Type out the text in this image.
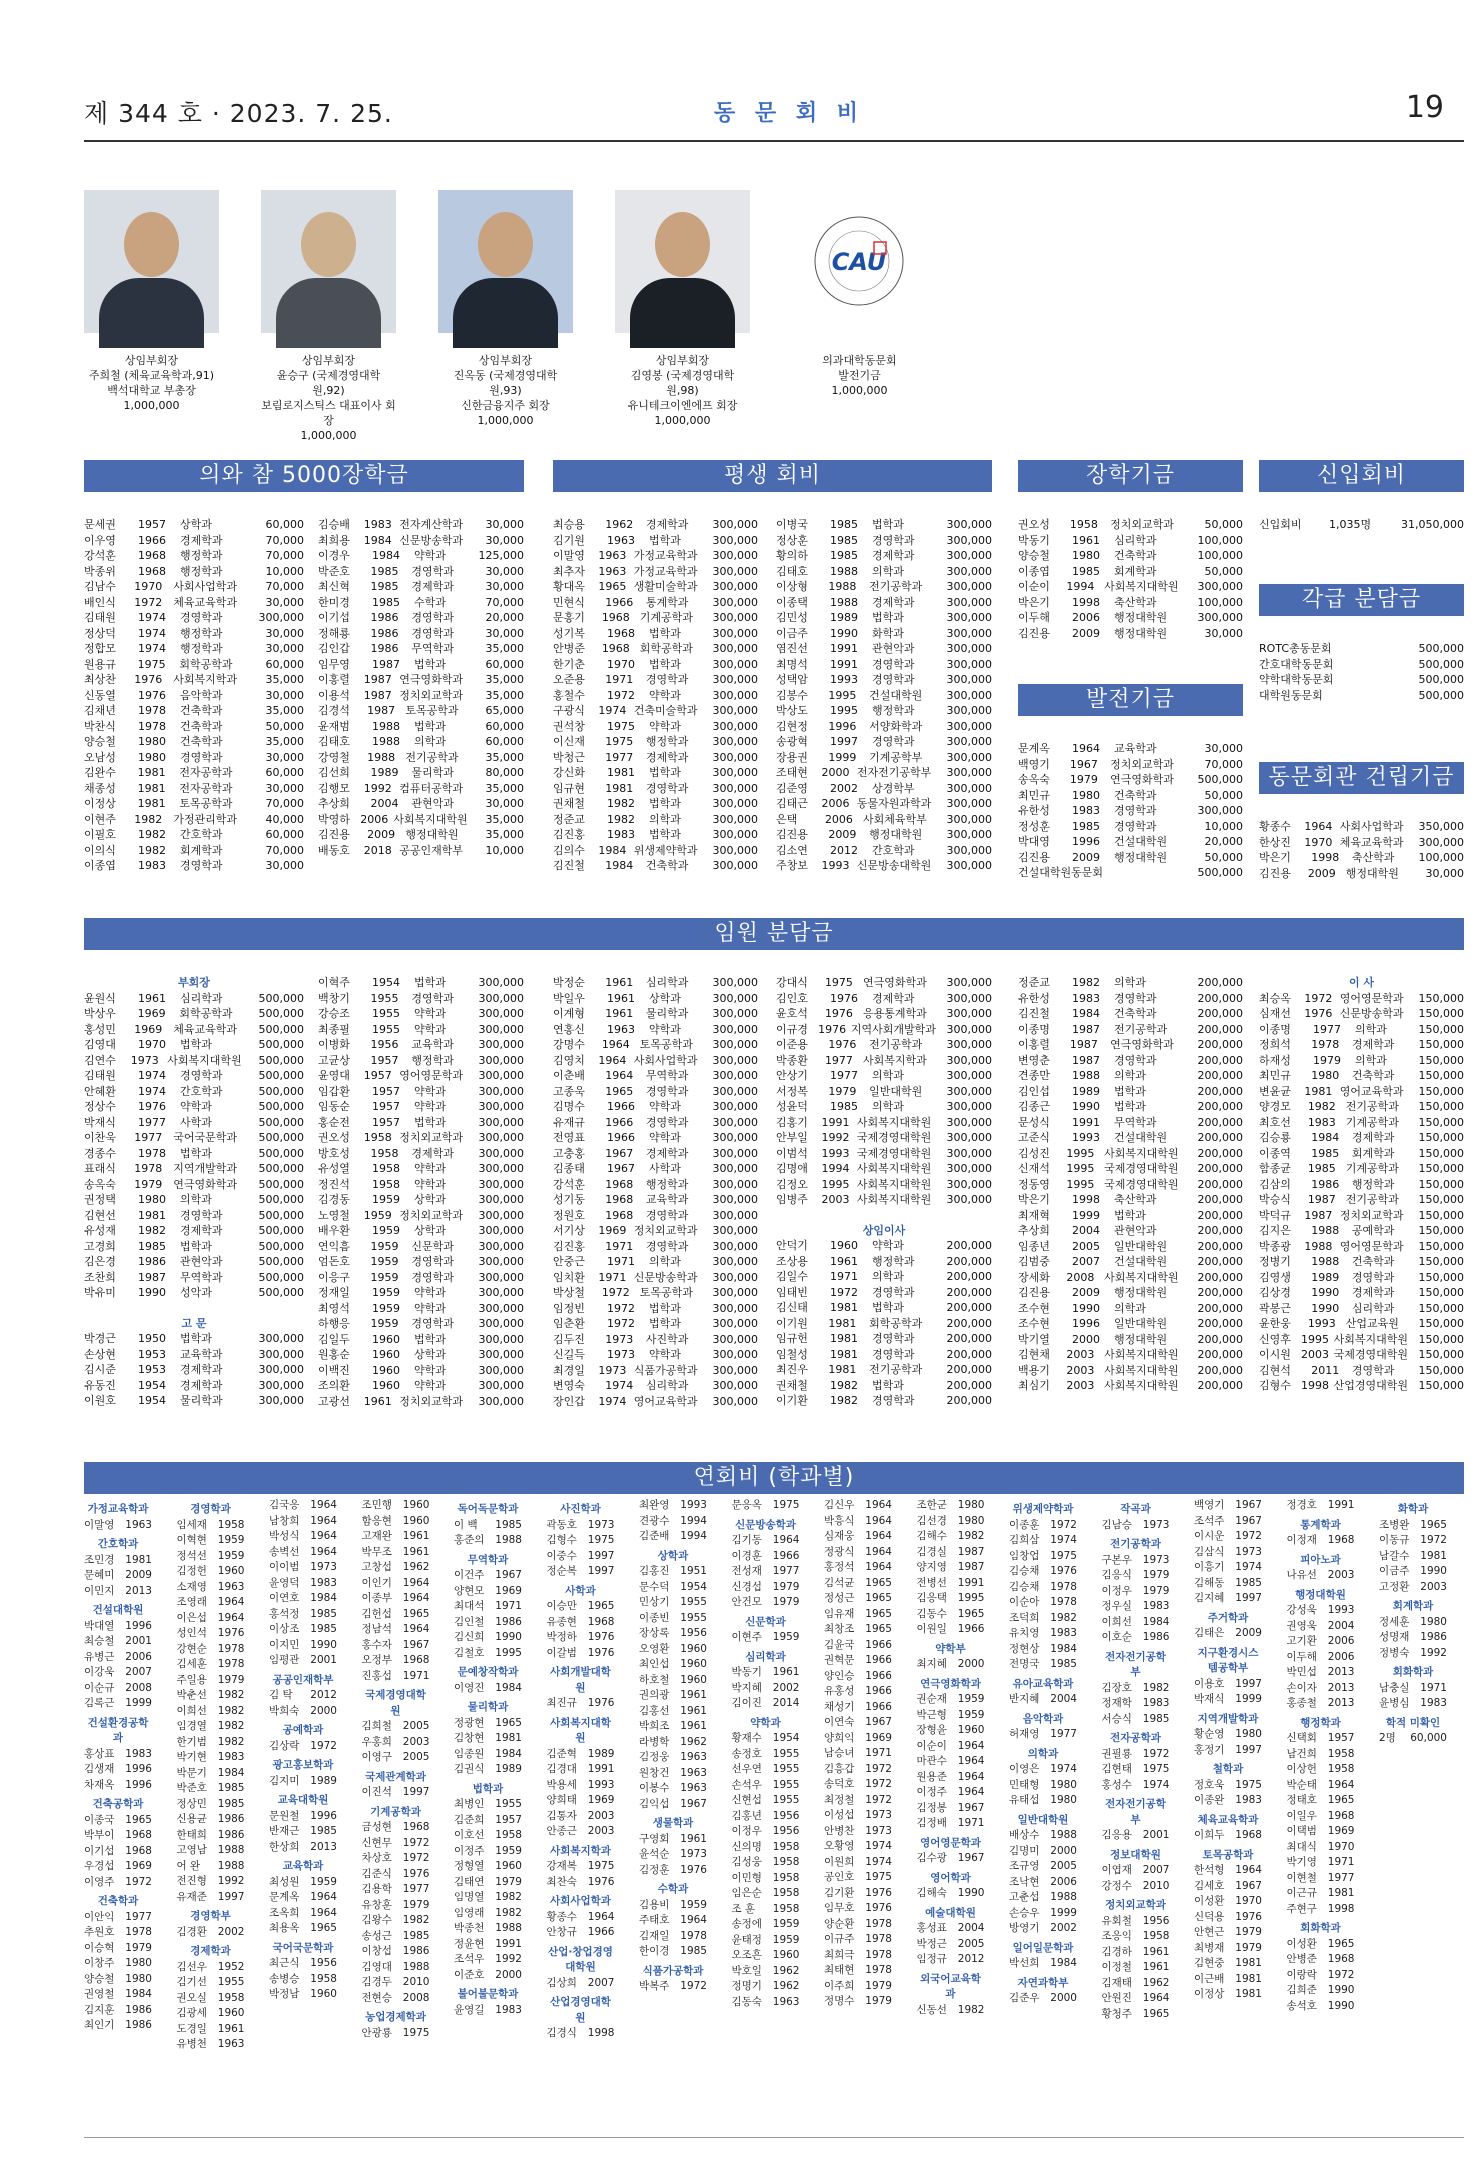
제 344 호 · 2023. 7. 25.	동 문 회 비	19
상임부회장
주희철 (체육교육학과,91)
백석대학교 부총장
1,000,000
상임부회장
윤승구 (국제경영대학원,92)
보림로지스틱스 대표이사 회장
1,000,000
상임부회장
진옥동 (국제경영대학원,93)
신한금융지주 회장
1,000,000
상임부회장
김영봉 (국제경영대학원,98)
유니테크이엔에프 회장
1,000,000
CAU
의과대학동문회
발전기금
1,000,000
의와 참 5000장학금	평생 회비	장학기금	신입회비
각급 분담금
발전기금
동문회관 건립기금
임원 분담금
연회비 (학과별)
문세권	1957	상학과	60,000
이우영	1966	경제학과	70,000
강석훈	1968	행정학과	70,000
박종위	1968	행정학과	10,000
김남수	1970	사회사업학과	70,000
배인식	1972	체육교육학과	30,000
김태원	1974	경영학과	300,000
정상덕	1974	행정학과	30,000
정합모	1974	행정학과	30,000
원용규	1975	회학공학과	60,000
최상찬	1976	사회복지학과	35,000
신동열	1976	음악학과	30,000
김채년	1978	건축학과	35,000
박찬식	1978	건축학과	50,000
양승철	1980	건축학과	35,000
오남성	1980	경영학과	30,000
김완수	1981	전자공학과	60,000
채종성	1981	전자공학과	30,000
이정상	1981	토목공학과	70,000
이현주	1982	가정관리학과	40,000
이필호	1982	간호학과	60,000
이의식	1982	회계학과	70,000
이종엽	1983	경영학과	30,000
김승배	1983 전자계산학과	30,000
최희용	1984 신문방송학과	30,000
이경우	1984	약학과	125,000
박준호	1985	경영학과	30,000
최신혁	1985	경제학과	30,000
한미경	1985	수학과	70,000
이기섭	1986	경영학과	20,000
정해룡	1986	경영학과	30,000
김인갑	1986	무역학과	35,000
임무영	1987	법학과	60,000
이홍렬	1987 연극영화학과	35,000
이용석	1987 정치외교학과	35,000
김경석	1987 토목공학과	65,000
윤재범	1988	법학과	60,000
김태호	1988	의학과	60,000
강영철	1988 전기공학과	35,000
김선희	1989	물리학과	80,000
김행모	1992 컴퓨터공학과	35,000
추상희	2004	관현악과	30,000
박영하 2006 사회복지대학원	35,000
김진용	2009 행정대학원	35,000
배동호	2018 공공인재학부	10,000
최승용	1962	경제학과	300,000
김기원	1963	법학과	300,000
이말영	1963 가정교육학과	300,000
최추자	1963 가정교육학과	300,000
황대옥	1965 생활미술학과	300,000
민현식	1966	통계학과	300,000
문홍기	1968 기계공학과	300,000
성기복	1968	법학과	300,000
안병준	1968 회학공학과	300,000
한기춘	1970	법학과	300,000
오준용	1971	경영학과	300,000
홍철수	1972	약학과	300,000
구광식	1974 건축미술학과	300,000
권석창	1975	약학과	300,000
이신재	1975	행정학과	300,000
박청근	1977	경제학과	300,000
강신화	1981	법학과	300,000
임규현	1981	경영학과	300,000
권채철	1982	법학과	300,000
정준교	1982	의학과	300,000
김진홍	1983	법학과	300,000
김의수	1984 위생제약학과	300,000
김진철	1984	건축학과	300,000
이병국	1985	법학과	300,000
정상훈	1985	경영학과	300,000
황의하	1985	경제학과	300,000
김태호	1988	의학과	300,000
이상형	1988	전기공학과	300,000
이종택	1988	경제학과	300,000
김민성	1989	법학과	300,000
이금주	1990	화학과	300,000
염진선	1991	관현악과	300,000
최명석	1991	경영학과	300,000
성택암	1993	경영학과	300,000
김봉수	1995	건설대학원	300,000
박상도	1995	행정학과	300,000
김현정	1996	서양화학과	300,000
송광혁	1997	경영학과	300,000
장용권	1999	기계공학부	300,000
조태현	2000 전자전기공학부	300,000
김준영	2002	상경학부	300,000
김태근	2006 동물자원과학과	300,000
은택	2006 사회체육학부	300,000
김진용	2009	행정대학원	300,000
김소연	2012	간호학과	300,000
주창보	1993 신문방송대학원	300,000
권오성	1958	정치외교학과	50,000
박동기	1961	심리학과	100,000
양승철	1980	건축학과	100,000
이종엽	1985	회계학과	50,000
이순이	1994 사회복지대학원	300,000
박은기	1998	축산학과	100,000
이두해	2006	행정대학원	300,000
김진용	2009	행정대학원	30,000
문계옥	1964	교육학과	30,000
백영기	1967	정치외교학과	70,000
송옥숙	1979	연극영화학과	500,000
최민규	1980	건축학과	50,000
유한성	1983	경영학과	300,000
정성훈	1985	경영학과	10,000
박대영	1996	건설대학원	20,000
김진용	2009	행정대학원	50,000
건설대학원동문회	500,000
신입회비	1,035명	31,050,000
ROTC총동문회	500,000
간호대학동문회	500,000
약학대학동문회	500,000
대학원동문회	500,000
황종수	1964 사회사업학과	350,000
한상진	1970 체육교육학과	300,000
박은기	1998	축산학과	100,000
김진용	2009 행정대학원	30,000
부회장
윤원식	1961	심리학과	500,000
박상우	1969	회학공학과	500,000
홍성민	1969	체육교육학과	500,000
김영대	1970	법학과	500,000
김연수	1973 사회복지대학원	500,000
김태원	1974	경영학과	500,000
안혜환	1974	간호학과	500,000
정상수	1976	약학과	500,000
박재식	1977	사학과	500,000
이찬욱	1977	국어국문학과	500,000
경종수	1978	법학과	500,000
표래식	1978	지역개발학과	500,000
송옥숙	1979	연극영화학과	500,000
권정택	1980	의학과	500,000
김현선	1981	경영학과	500,000
유성재	1982	경제학과	500,000
고경희	1985	법학과	500,000
김은경	1986	관현악과	500,000
조찬희	1987	무역학과	500,000
박유미	1990	성악과	500,000
고 문
박경근	1950	법학과	300,000
손상현	1953	교육학과	300,000
김시준	1953	경제학과	300,000
유동진	1954	경제학과	300,000
이원호	1954	물리학과	300,000
이혁주	1954	법학과	300,000
백창기	1955	경영학과	300,000
강승조	1955	약학과	300,000
최종필	1955	약학과	300,000
이병화	1956	교육학과	300,000
고균상	1957	행정학과	300,000
윤영대	1957 영어영문학과	300,000
임갑환	1957	약학과	300,000
임동순	1957	약학과	300,000
홍순전	1957	법학과	300,000
권오성	1958 정치외교학과	300,000
방호성	1958	경제학과	300,000
유성열	1958	약학과	300,000
정진석	1958	약학과	300,000
김경동	1959	상학과	300,000
노영철	1959 정치외교학과	300,000
배우환	1959	상학과	300,000
연익흠	1959	신문학과	300,000
엄돈호	1959	경영학과	300,000
이응구	1959	경영학과	300,000
정재일	1959	약학과	300,000
최영석	1959	약학과	300,000
하행응	1959	경영학과	300,000
김일두	1960	법학과	300,000
원홍순	1960	상학과	300,000
이백진	1960	약학과	300,000
조의환	1960	약학과	300,000
고광선	1961 정치외교학과	300,000
박정순	1961	심리학과	300,000
박일우	1961	상학과	300,000
이계형	1961	물리학과	300,000
연홍신	1963	약학과	300,000
강명수	1964 토목공학과	300,000
김영치	1964 사회사업학과	300,000
이춘배	1964	무역학과	300,000
고종욱	1965	경영학과	300,000
김명수	1966	약학과	300,000
유재규	1966	경영학과	300,000
전영표	1966	약학과	300,000
고충홍	1967	경제학과	300,000
김종태	1967	사학과	300,000
강석훈	1968	행정학과	300,000
성기동	1968	교육학과	300,000
정원호	1968	경영학과	300,000
서기상	1969 정치외교학과	300,000
김진홍	1971	경영학과	300,000
안중근	1971	의학과	300,000
임치환	1971 신문방송학과	300,000
박상철	1972 토목공학과	300,000
임정빈	1972	법학과	300,000
임춘환	1972	법학과	300,000
김두진	1973	사진학과	300,000
신길득	1973	약학과	300,000
최경일	1973 식품가공학과	300,000
변영숙	1974	심리학과	300,000
장인갑	1974 영어교육학과	300,000
강대식	1975 연극영화학과	300,000
김인호	1976	경제학과	300,000
윤호석	1976 응용통계학과	300,000
이규경 1976 지역사회개발학과 300,000
이준용	1976	전기공학과	300,000
박종환	1977 사회복지학과	300,000
안상기	1977	의학과	300,000
서정복	1979	일반대학원	300,000
성윤덕	1985	의학과	300,000
김홍기	1991 사회복지대학원	300,000
안부일	1992 국제경영대학원	300,000
이범석	1993 국제경영대학원	300,000
김명애	1994 사회복지대학원	300,000
김정오	1995 사회복지대학원	300,000
임병주	2003 사회복지대학원	300,000
상임이사
안덕기	1960	약학과	200,000
조상용	1961	행정학과	200,000
김일수	1971	의학과	200,000
임태빈	1972	경영학과	200,000
김신태	1981	법학과	200,000
이기원	1981	회학공학과	200,000
임규헌	1981	경영학과	200,000
임철성	1981	경영학과	200,000
최진우	1981	전기공학과	200,000
권채철	1982	법학과	200,000
이기환	1982	경영학과	200,000
정준교	1982	의학과	200,000
유한성	1983	경영학과	200,000
김진철	1984	건축학과	200,000
이종명	1987	전기공학과	200,000
이홍렬	1987	연극영화학과	200,000
변영춘	1987	경영학과	200,000
견종만	1988	의학과	200,000
김인섭	1989	법학과	200,000
김종근	1990	법학과	200,000
문성식	1991	무역학과	200,000
고준식	1993	건설대학원	200,000
김성진	1995 사회복지대학원	200,000
신재석	1995 국제경영대학원	200,000
정동영	1995 국제경영대학원	200,000
박은기	1998	축산학과	200,000
최재혁	1999	법학과	200,000
추상희	2004	관현악과	200,000
임종년	2005	일반대학원	200,000
김범중	2007	건설대학원	200,000
장세화	2008 사회복지대학원	200,000
김진용	2009	행정대학원	200,000
조수현	1990	의학과	200,000
조수현	1996	일반대학원	200,000
박기열	2000	행정대학원	200,000
김현채	2003 사회복지대학원	200,000
백용기	2003 사회복지대학원	200,000
최심기	2003 사회복지대학원	200,000
이 사
최승옥	1972 영어영문학과	150,000
심재선	1976 신문방송학과	150,000
이종명	1977	의학과	150,000
정희석	1978	경제학과	150,000
하재성	1979	의학과	150,000
최민규	1980	건축학과	150,000
변윤균	1981 영어교육학과	150,000
양경모	1982 전기공학과	150,000
최호선	1983 기계공학과	150,000
김승룡	1984	경제학과	150,000
이종역	1985	회계학과	150,000
함종균	1985 기계공학과	150,000
김삼의	1986	행정학과	150,000
박승식	1987 전기공학과	150,000
박덕규	1987 정치외교학과	150,000
김지은	1988	공예학과	150,000
박종광	1988 영어영문학과	150,000
정병기	1988	건축학과	150,000
김영생	1989	경영학과	150,000
김상경	1990	경제학과	150,000
곽봉근	1990	심리학과	150,000
윤한웅	1993 산업교육원	150,000
신영후 1995 사회복지대학원 150,000
이시원 2003 국제경영대학원 150,000
김현석	2011	경영학과	150,000
김형수 1998 산업경영대학원 150,000
가정교육학과
이말영 1963
간호학과
조민경 1981
문혜미 2009
이민지 2013
건설대학원
박대열 1996
최승철 2001
유병근 2006
이강욱 2007
이순규 2008
김록근 1999
건설환경공학과
홍상표 1983
김생재 1996
차재옥 1996
건축공학과
이종국 1965
박부이 1968
이기섭 1968
우경섭 1969
이영주 1972
건축학과
이안익 1977
추원호 1978
이승혁 1979
이창주 1980
양승철 1980
권영철 1984
김지훈 1986
최인기 1986
경영학과
임세재 1958
이혁현 1959
정석선 1959
김정헌 1960
소재영 1963
조영래 1964
이은섭 1964
성인석 1976
강현순 1978
김세훈 1978
주일용 1979
박춘선 1982
이희선 1982
임경열 1982
한기범 1982
박기현 1983
박문기 1984
박준호 1985
정상민 1985
신용균 1986
한태희 1986
고영남 1988
어 완 1988
전진형 1992
유재준 1997
경영학부
김경환 2002
경제학과
김선우 1952
김기선 1955
권오실 1958
김광세 1960
도경일 1961
유병천 1963
김국응 1964
남창희 1964
박성식 1964
송벽선 1964
이이범 1973
윤영덕 1983
이연호 1984
홍석정 1985
이상조 1985
이지민 1990
임평관 2001
공공인재학부
김 탁 2012
박희숙 2000
공예학과
김상락 1972
광고홍보학과
김지미 1989
교육대학원
문원철 1996
반재근 1985
한상희 2013
교육학과
최성원 1959
문계옥 1964
조옥희 1964
최용옥 1965
국어국문학과
최근식 1956
송병승 1958
박정남 1960
조민행 1960
함응현 1960
고재완 1961
박무조 1961
고창섭 1962
이인기 1964
이종부 1964
김헌섭 1965
정남석 1964
홍수자 1967
오정부 1968
진홍섭 1971
국제경영대학원
김희철 2005
우홍희 2003
이영구 2005
국제관계학과
이진석 1997
기계공학과
금성현 1968
신현무 1972
차상호 1972
김준식 1976
김용학 1977
유창훈 1979
김왕수 1982
송성근 1985
이창섭 1986
김영대 1988
김경두 2010
전현승 2008
농업경제학과
안광룡 1975
독어독문학과
이 백 1985
홍준의 1988
무역학과
이건주 1967
양현모 1969
최대석 1971
김인철 1986
김신희 1990
김철호 1995
문예창작학과
이영진 1984
물리학과
정광현 1965
김창현 1981
임종원 1984
김권식 1989
법학과
최병인 1955
김준희 1957
이호선 1958
이정주 1959
정형열 1960
김태연 1979
임명열 1982
임영래 1982
박종천 1988
정윤현 1991
조석우 1992
이준호 2000
불어불문학과
윤영길 1983
사진학과
곽동호 1973
김형수 1975
이중수 1997
정순복 1997
사학과
이승만 1965
유종현 1968
박정하 1976
이갈범 1976
사회개발대학원
최진규 1976
사회복지대학원
김준혁 1989
김경대 1991
박용세 1993
양희태 1969
김통자 2003
안종근 2003
사회복지학과
강재복 1975
최찬숙 1976
사회사업학과
황종수 1964
안창규 1966
산업·창업경영대학원
김상희 2007
산업경영대학원
김경식 1998
최완영 1993
견광수 1994
김준배 1994
상학과
김홍진 1951
문수덕 1954
민상기 1955
이종빈 1955
장상록 1956
오영환 1960
최인섭 1960
하호철 1960
권의광 1961
김홍선 1961
박희조 1961
라병학 1962
김정웅 1963
원창건 1963
이봉수 1963
김익섭 1967
생물학과
구영회 1961
윤석순 1973
김정훈 1976
수학과
김용비 1959
주태호 1964
김재일 1978
한이경 1985
식품가공학과
박복주 1972
문응옥 1975
신문방송학과
김기동 1964
이경훈 1966
전성재 1977
신경섭 1979
안건모 1979
신문학과
이현주 1959
심리학과
박동기 1961
박지혜 2002
김이진 2014
약학과
황재수 1954
송정호 1955
선우연 1955
손석우 1955
신현섭 1955
김홍년 1956
이정우 1956
신의명 1958
김성웅 1958
이민형 1958
임은순 1958
조 훈 1958
송정에 1959
윤태정 1959
오조흔 1960
박호일 1962
정명기 1962
김동숙 1963
김신우 1964
박흥식 1964
심재웅 1964
정광식 1964
홍정석 1964
김석균 1965
정성근 1965
임유재 1965
최창조 1965
김윤국 1966
권혁문 1966
양인승 1966
유홍성 1966
채성기 1966
이연숙 1967
양희익 1969
남승녀 1971
김흥갑 1972
송덕호 1972
최정철 1972
이성섭 1973
안병찬 1973
오황영 1974
이원희 1974
공인호 1975
김기환 1976
임무호 1976
양순환 1978
이규주 1978
최희극 1978
최태현 1978
이주희 1979
정명수 1979
조한군 1980
김선경 1980
김해수 1982
김경실 1987
양지영 1987
전병선 1991
김응택 1995
김동수 1965
이원일 1966
약학부
최지혜 2000
연극영화학과
권순재 1959
박근형 1959
장형윤 1960
이순이 1964
마관수 1964
원용준 1964
이정주 1964
김정봉 1967
김정배 1971
영어영문학과
김수광 1967
영어학과
김해숙 1990
예술대학원
홍성표 2004
박정근 2005
임정규 2012
외국어교육학과
신동선 1982
위생제약학과
이종훈 1972
김희삼 1974
임창업 1975
김승채 1976
김승채 1978
이순아 1978
조덕희 1982
유치영 1983
정현상 1984
전명국 1985
유아교육학과
반지혜 2004
음악학과
허재영 1977
의학과
이영은 1974
민태형 1980
유태섭 1980
일반대학원
배상수 1988
김명미 2000
조규영 2005
조낙현 2006
고춘섭 1988
손승우 1999
방영기 2002
일어일문학과
박선희 1984
자연과학부
김준우 2000
작곡과
김남승 1973
전기공학과
구본우 1973
김응식 1979
이정우 1979
정우실 1983
이희선 1984
이호순 1986
전자전기공학부
김장호 1982
정재학 1983
서승식 1985
전자공학과
권필룡 1972
김현태 1975
홍성수 1974
전자전기공학부
김응용 2001
정보대학원
이엽재 2007
강정수 2010
정치외교학과
유회철 1956
조응익 1958
김경하 1961
이정철 1961
김재태 1962
안원진 1964
황청주 1965
백영기 1967
조석주 1967
이시운 1972
김삼식 1973
이흥기 1974
김해동 1985
김지혜 1997
주거학과
김태은 2009
지구환경시스템공학부
이용호 1997
박재식 1999
지역개발학과
황순영 1980
홍정기 1997
철학과
정호욱 1975
이종완 1983
체육교육학과
이희두 1968
토목공학과
한석형 1964
김세호 1967
이성환 1970
신덕용 1976
안현근 1979
최병재 1979
김현중 1981
이근배 1981
이정상 1981
정경호 1991
통계학과
이정재 1968
피아노과
나유선 2003
행정대학원
강성욱 1993
권영욱 2004
고기환 2006
이두해 2006
박민섭 2013
손이자 2013
홍종철 2013
행정학과
신택회 1957
남건희 1958
이상헌 1958
박순태 1964
정태호 1965
이일우 1968
이택범 1969
최대식 1970
박기영 1971
이현철 1977
이근규 1981
주현구 1998
회화학과
이성환 1965
안병준 1968
이랑락 1972
김희준 1990
송석호 1990
화학과
조병완 1965
이동규 1972
남갈수 1981
이금주 1990
고정환 2003
회계학과
정세훈 1980
성명재 1986
정병숙 1992
회화학과
남충실 1971
윤병심 1983
학적 미확인
2명 60,000
